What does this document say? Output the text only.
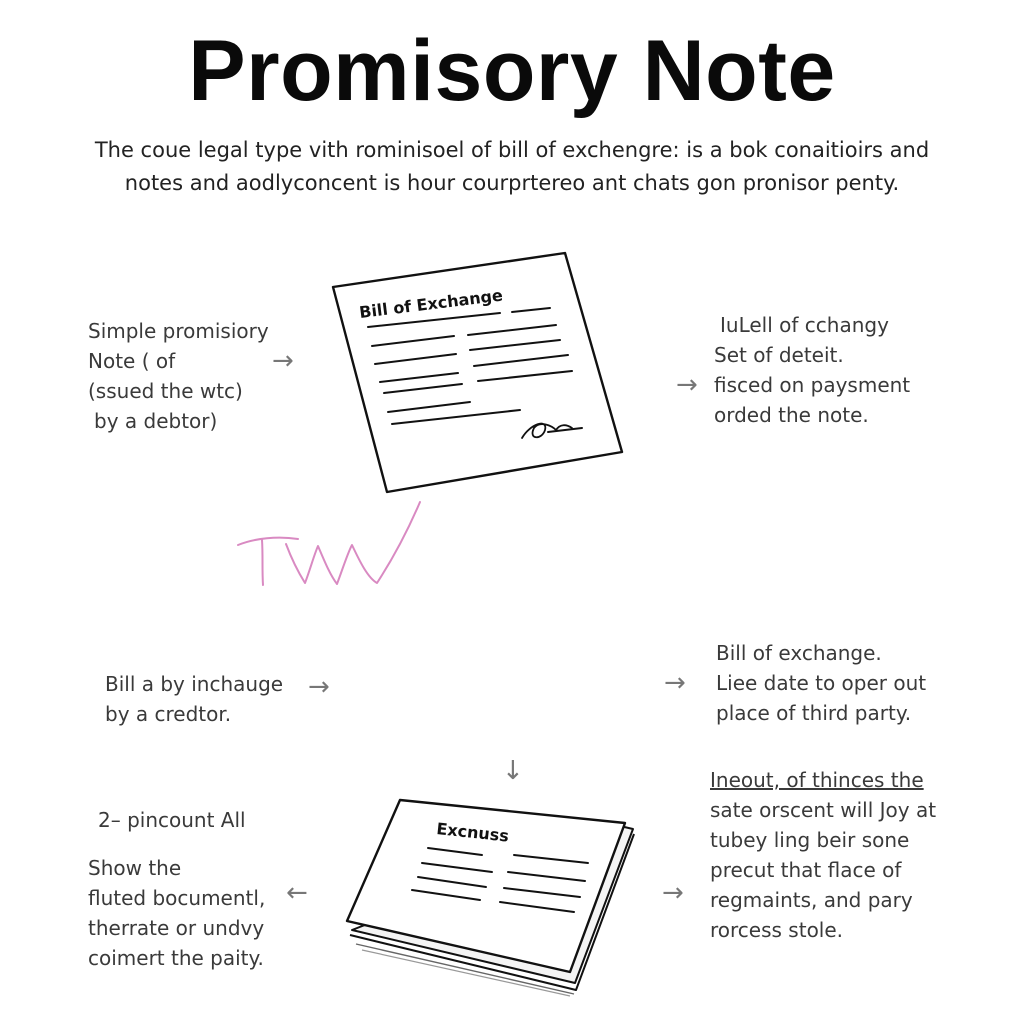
Promisory Note
The coue legal type vith rominisoel of bill of exchengre: is a bok conaitioirs and
notes and aodlyconcent is hour courprtereo ant chats gon pronisor penty.
Bill of Exchange
Excnuss
Simple promisiory
Note ( of
(ssued the wtc)
by a debtor)
→
→
IuLell of cchangy
Set of deteit.
fisced on paysment
orded the note.
Bill a by inchauge
by a credtor.
→	→
Bill of exchange.
Liee date to oper out
place of third party.
↓
2– pincount All
Show the
fluted bocumentl,
therrate or undvy
coimert the paity.
←	→
Ineout, of thinces the
sate orscent will Joy at
tubey ling beir sone
precut that flace of
regmaints, and pary
rorcess stole.
